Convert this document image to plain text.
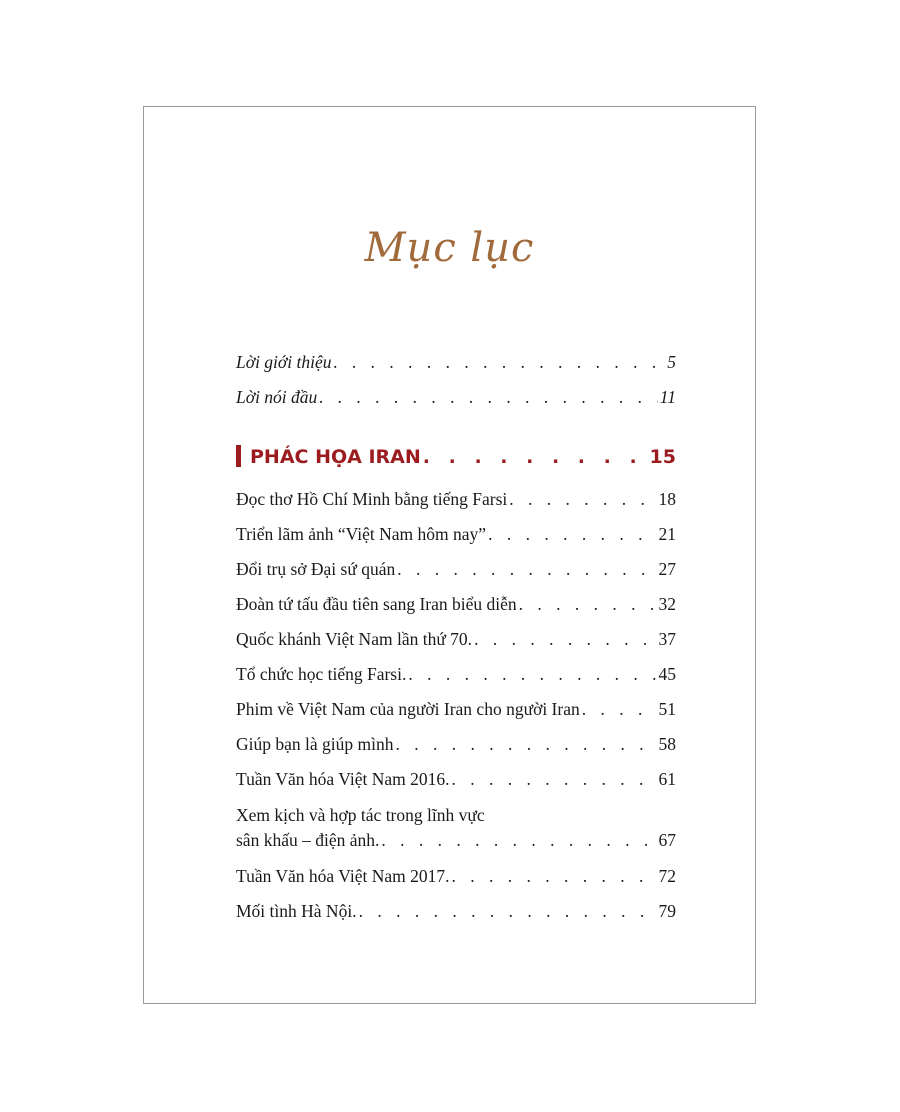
Mục lục
Lời giới thiệu . . .	5
Lời nói đầu . . .	11
PHÁC HỌA IRAN . . .	15
Đọc thơ Hồ Chí Minh bằng tiếng Farsi . . .	18
Triển lãm ảnh “Việt Nam hôm nay” . . .	21
Đổi trụ sở Đại sứ quán . . .	27
Đoàn tứ tấu đầu tiên sang Iran biểu diễn . . .	32
Quốc khánh Việt Nam lần thứ 70. . . .	37
Tổ chức học tiếng Farsi. . . .	45
Phim về Việt Nam của người Iran cho người Iran . . .	51
Giúp bạn là giúp mình . . .	58
Tuần Văn hóa Việt Nam 2016. . . .	61
Xem kịch và hợp tác trong lĩnh vực
sân khấu – điện ảnh. . . .	67
Tuần Văn hóa Việt Nam 2017. . . .	72
Mối tình Hà Nội. . . .	79
